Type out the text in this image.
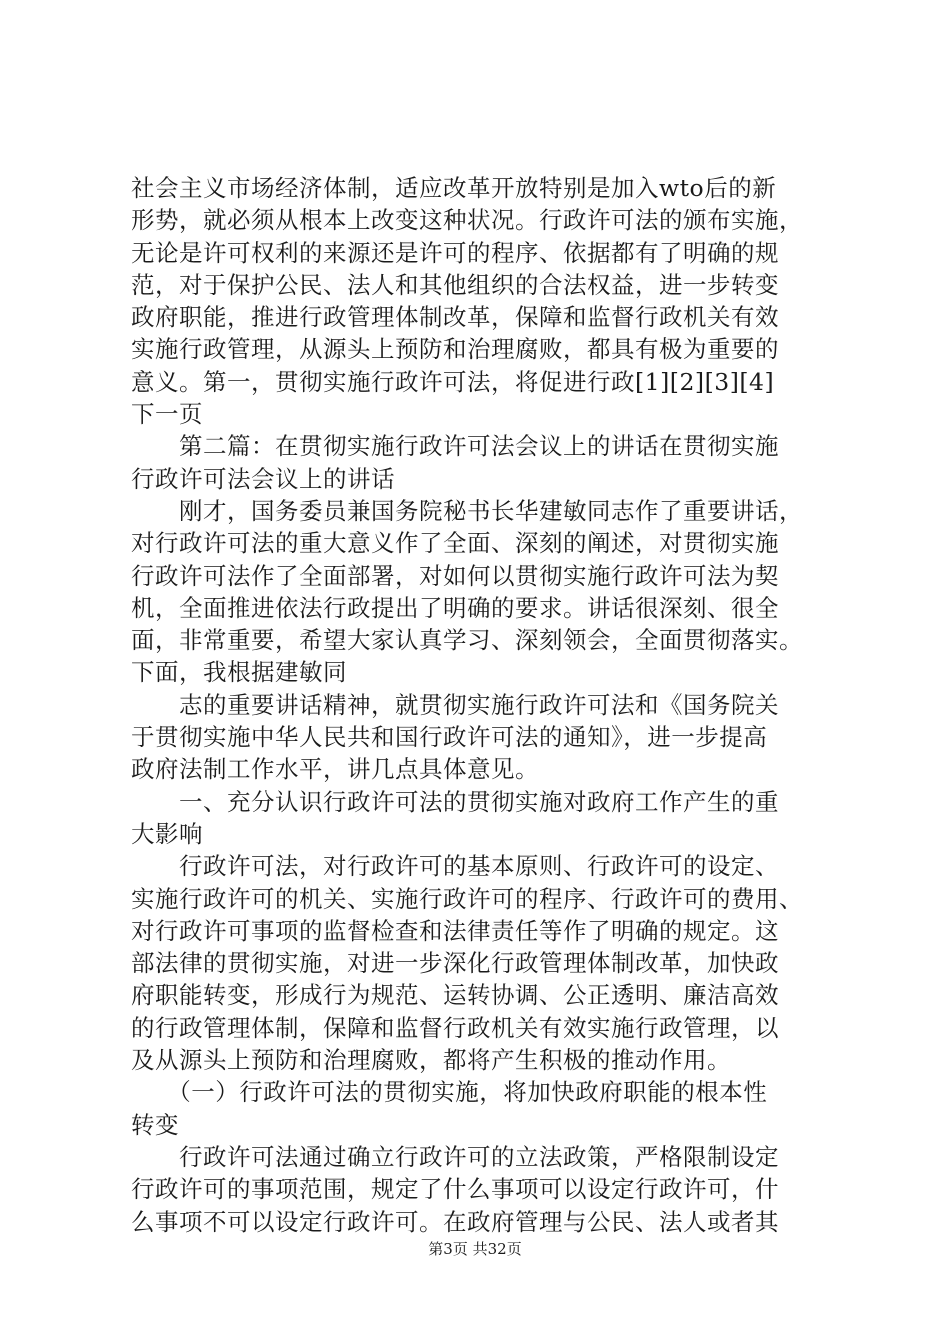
社会主义市场经济体制，适应改革开放特别是加入wto后的新
形势，就必须从根本上改变这种状况。行政许可法的颁布实施，
无论是许可权利的来源还是许可的程序、依据都有了明确的规
范，对于保护公民、法人和其他组织的合法权益，进一步转变
政府职能，推进行政管理体制改革，保障和监督行政机关有效
实施行政管理，从源头上预防和治理腐败，都具有极为重要的
意义。第一，贯彻实施行政许可法，将促进行政[1][2][3][4]
下一页
　　第二篇：在贯彻实施行政许可法会议上的讲话在贯彻实施
行政许可法会议上的讲话
　　刚才，国务委员兼国务院秘书长华建敏同志作了重要讲话，
对行政许可法的重大意义作了全面、深刻的阐述，对贯彻实施
行政许可法作了全面部署，对如何以贯彻实施行政许可法为契
机，全面推进依法行政提出了明确的要求。讲话很深刻、很全
面，非常重要，希望大家认真学习、深刻领会，全面贯彻落实。
下面，我根据建敏同
　　志的重要讲话精神，就贯彻实施行政许可法和《国务院关
于贯彻实施中华人民共和国行政许可法的通知》，进一步提高
政府法制工作水平，讲几点具体意见。
　　一、充分认识行政许可法的贯彻实施对政府工作产生的重
大影响
　　行政许可法，对行政许可的基本原则、行政许可的设定、
实施行政许可的机关、实施行政许可的程序、行政许可的费用、
对行政许可事项的监督检查和法律责任等作了明确的规定。这
部法律的贯彻实施，对进一步深化行政管理体制改革，加快政
府职能转变，形成行为规范、运转协调、公正透明、廉洁高效
的行政管理体制，保障和监督行政机关有效实施行政管理，以
及从源头上预防和治理腐败，都将产生积极的推动作用。
　　（一）行政许可法的贯彻实施，将加快政府职能的根本性
转变
　　行政许可法通过确立行政许可的立法政策，严格限制设定
行政许可的事项范围，规定了什么事项可以设定行政许可，什
么事项不可以设定行政许可。在政府管理与公民、法人或者其
第3页 共32页
